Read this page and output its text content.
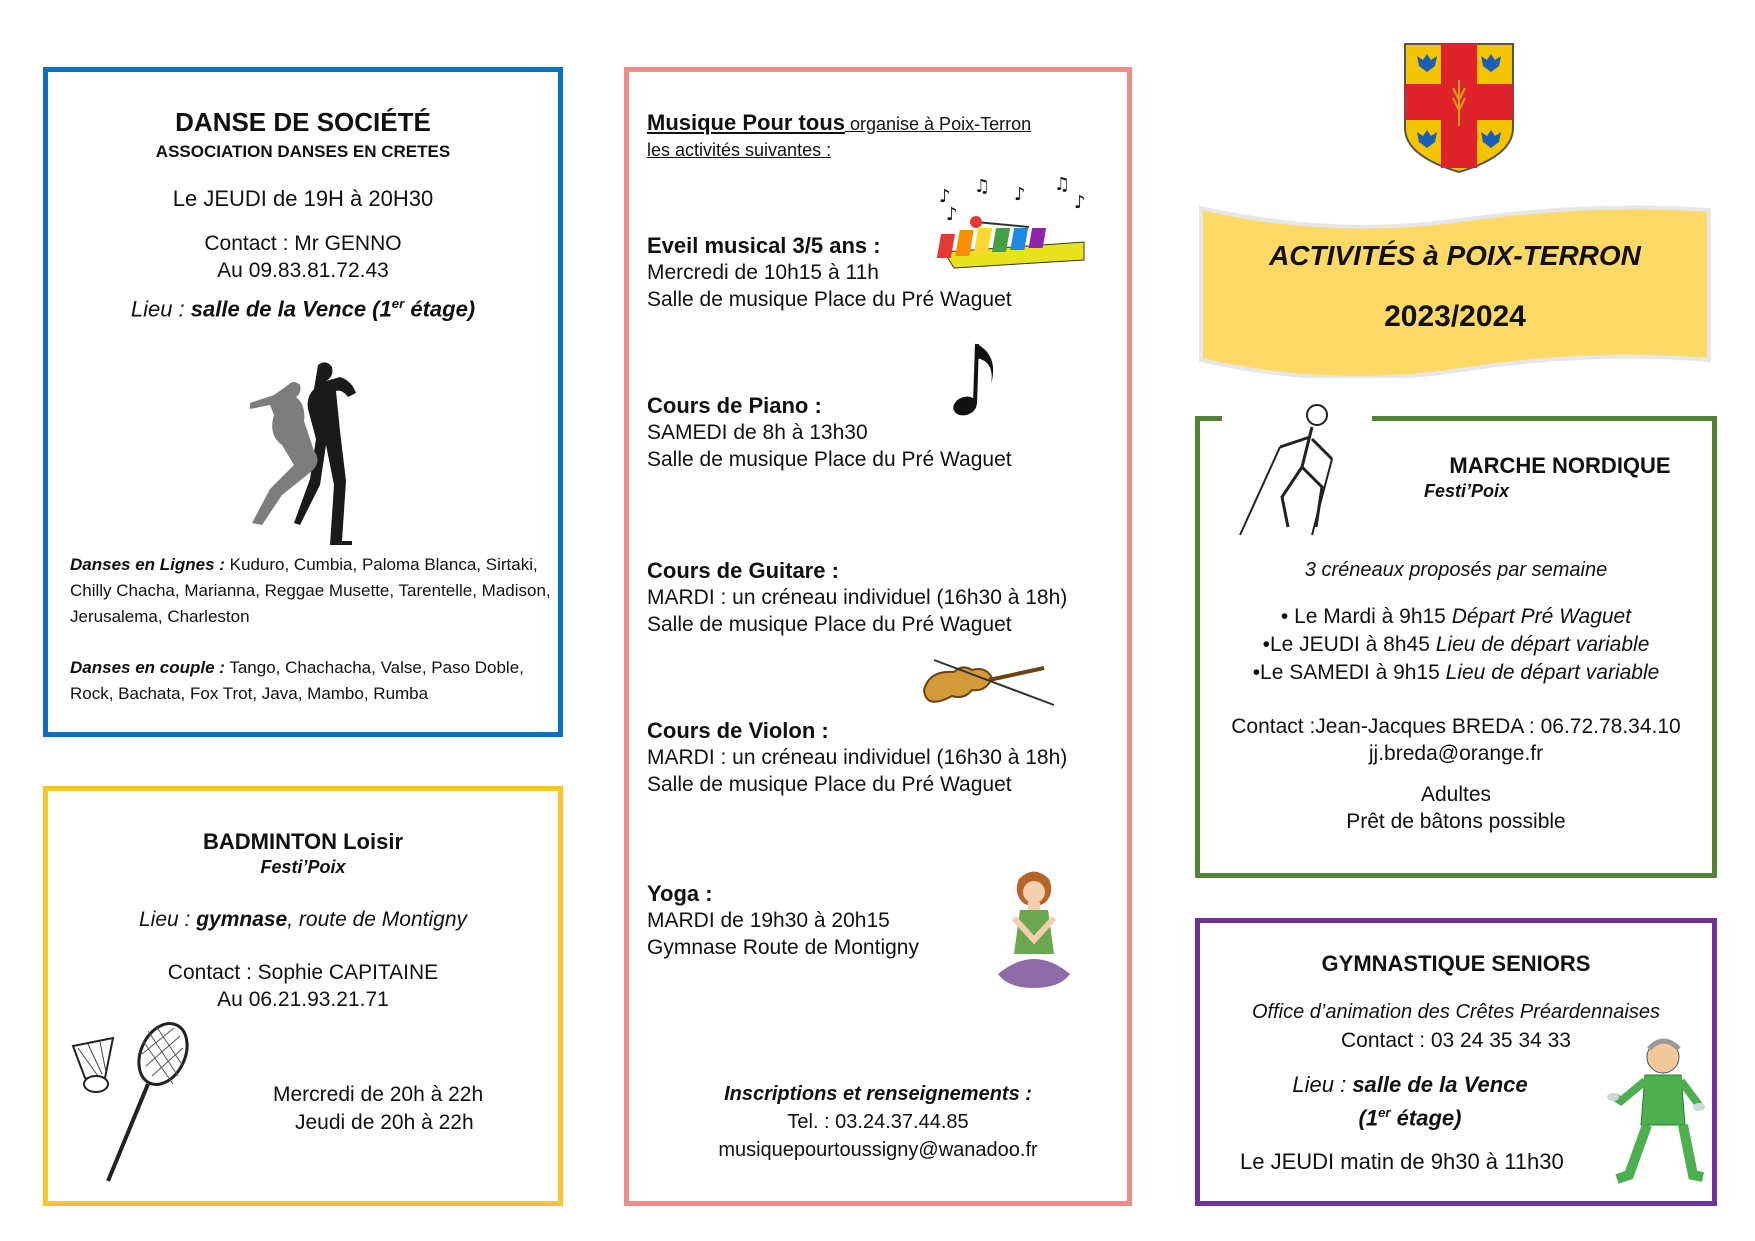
DANSE DE SOCIÉTÉ
ASSOCIATION DANSES EN CRETES
Le JEUDI de 19H à 20H30
Contact : Mr GENNO
Au 09.83.81.72.43
Lieu : salle de la Vence (1er étage)
Danses en Lignes : Kuduro, Cumbia, Paloma Blanca, Sirtaki, Chilly Chacha, Marianna, Reggae Musette, Tarentelle, Madison, Jerusalema, Charleston
Danses en couple : Tango, Chachacha, Valse, Paso Doble, Rock, Bachata, Fox Trot, Java, Mambo, Rumba
BADMINTON Loisir
Festi’Poix
Lieu : gymnase, route de Montigny
Contact : Sophie CAPITAINE
Au 06.21.93.21.71
Mercredi de 20h à 22h
Jeudi de 20h à 22h
Musique Pour tous organise à Poix-Terron
les activités suivantes :
♪ ♫ ♪ ♫
♪
♪
Eveil musical 3/5 ans :
Mercredi de 10h15 à 11h
Salle de musique Place du Pré Waguet
Cours de Piano :
SAMEDI de 8h à 13h30
Salle de musique Place du Pré Waguet
Cours de Guitare :
MARDI : un créneau individuel (16h30 à 18h)
Salle de musique Place du Pré Waguet
Cours de Violon :
MARDI : un créneau individuel (16h30 à 18h)
Salle de musique Place du Pré Waguet
Yoga :
MARDI de 19h30 à 20h15
Gymnase Route de Montigny
Inscriptions et renseignements :
Tel. : 03.24.37.44.85
musiquepourtoussigny@wanadoo.fr
ACTIVITÉS à POIX-TERRON
2023/2024
MARCHE NORDIQUE
Festi’Poix
3 créneaux proposés par semaine
• Le Mardi à 9h15 Départ Pré Waguet
•Le JEUDI à 8h45 Lieu de départ variable
•Le SAMEDI à 9h15 Lieu de départ variable
Contact :Jean-Jacques BREDA : 06.72.78.34.10
jj.breda@orange.fr
Adultes
Prêt de bâtons possible
GYMNASTIQUE SENIORS
Office d’animation des Crêtes Préardennaises
Contact : 03 24 35 34 33
Lieu : salle de la Vence
(1er étage)
Le JEUDI matin de 9h30 à 11h30
